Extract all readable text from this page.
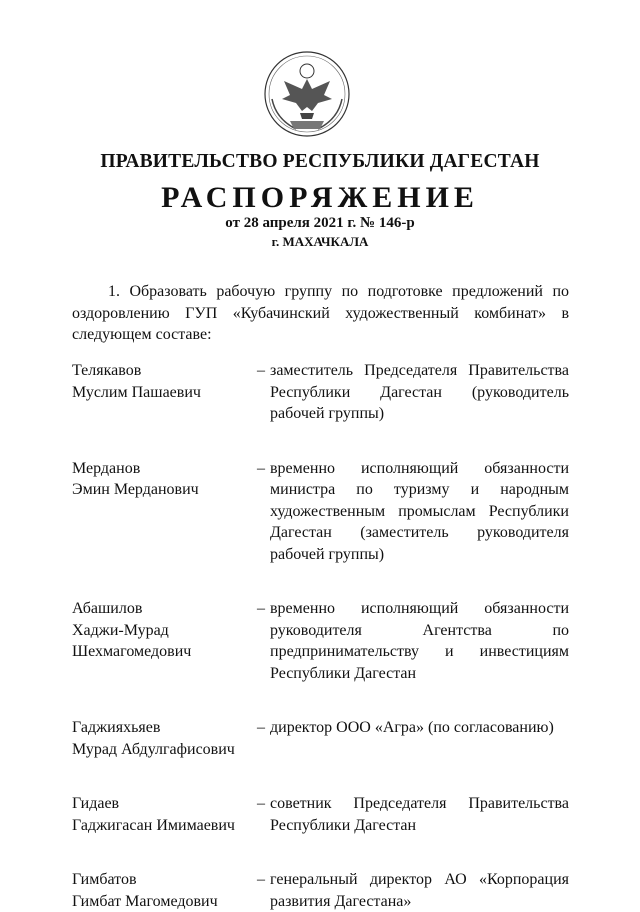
ПРАВИТЕЛЬСТВО РЕСПУБЛИКИ ДАГЕСТАН
РАСПОРЯЖЕНИЕ
от 28 апреля 2021 г. № 146-р
г. МАХАЧКАЛА

1. Образовать рабочую группу по подготовке предложений по оздоровлению ГУП «Кубачинский художественный комбинат» в следующем составе:

Телякавов
Муслим Пашаевич
– заместитель Председателя Правительства Республики Дагестан (руководитель рабочей группы)
Мерданов
Эмин Мерданович
– временно исполняющий обязанности министра по туризму и народным художественным промыслам Республики Дагестан (заместитель руководителя рабочей группы)
Абашилов
Хаджи-Мурад Шехмагомедович
– временно исполняющий обязанности руководителя Агентства по предпринимательству и инвестициям Республики Дагестан
Гаджияхьяев
Мурад Абдулгафисович
– директор ООО «Агра» (по согласованию)
Гидаев
Гаджигасан Имимаевич
– советник Председателя Правительства Республики Дагестан
Гимбатов
Гимбат Магомедович
– генеральный директор АО «Корпорация развития Дагестана»
